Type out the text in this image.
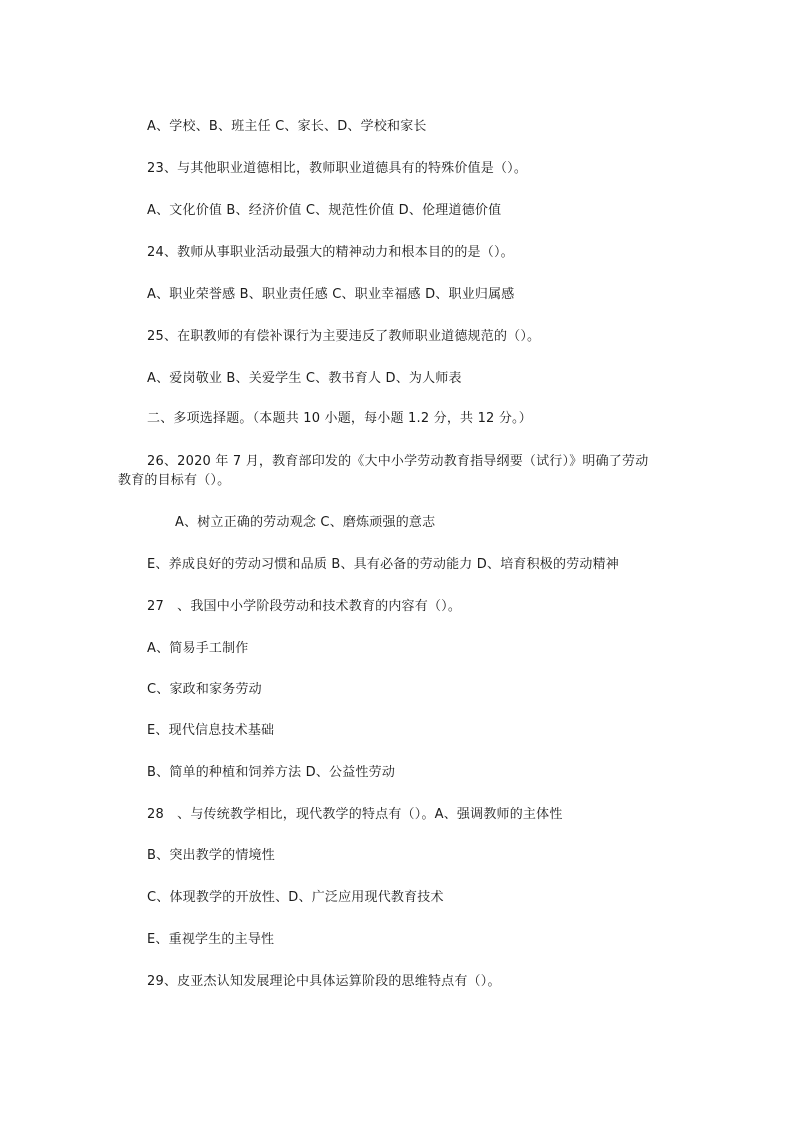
A、学校、B、班主任 C、家长、D、学校和家长
23、与其他职业道德相比，教师职业道德具有的特殊价值是（）。
A、文化价值 B、经济价值 C、规范性价值 D、伦理道德价值
24、教师从事职业活动最强大的精神动力和根本目的的是（）。
A、职业荣誉感 B、职业责任感 C、职业幸福感 D、职业归属感
25、在职教师的有偿补课行为主要违反了教师职业道德规范的（）。
A、爱岗敬业 B、关爱学生 C、教书育人 D、为人师表
二、多项选择题。（本题共 10 小题，每小题 1.2 分，共 12 分。）
26、2020 年 7 月，教育部印发的《大中小学劳动教育指导纲要（试行）》明确了劳动
教育的目标有（）。
A、树立正确的劳动观念 C、磨炼顽强的意志
E、养成良好的劳动习惯和品质 B、具有必备的劳动能力 D、培育积极的劳动精神
27　、我国中小学阶段劳动和技术教育的内容有（）。
A、简易手工制作
C、家政和家务劳动
E、现代信息技术基础
B、简单的种植和饲养方法 D、公益性劳动
28　、与传统教学相比，现代教学的特点有（）。A、强调教师的主体性
B、突出教学的情境性
C、体现教学的开放性、D、广泛应用现代教育技术
E、重视学生的主导性
29、皮亚杰认知发展理论中具体运算阶段的思维特点有（）。
